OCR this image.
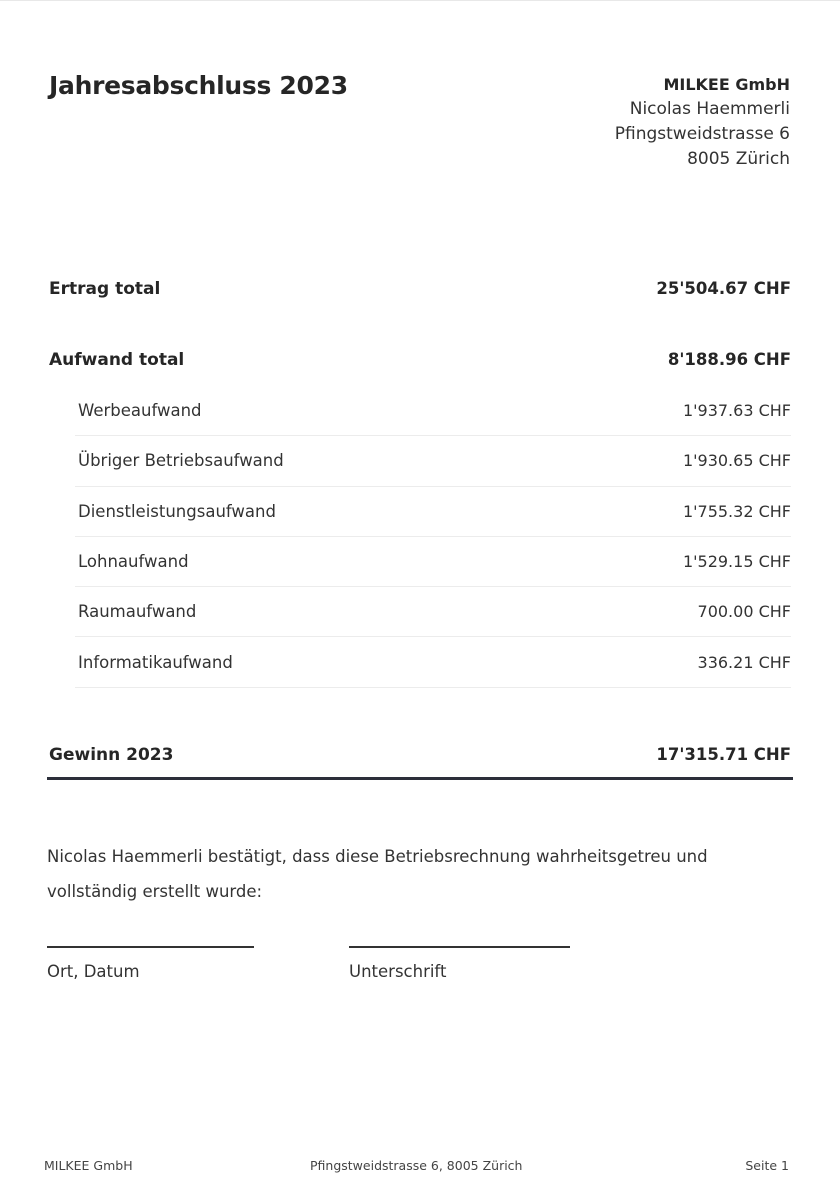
Jahresabschluss 2023	MILKEE GmbH
Nicolas Haemmerli
Pfingstweidstrasse 6
8005 Zürich
Ertrag total	25'504.67 CHF
Aufwand total	8'188.96 CHF
Werbeaufwand	1'937.63 CHF
Übriger Betriebsaufwand	1'930.65 CHF
Dienstleistungsaufwand	1'755.32 CHF
Lohnaufwand	1'529.15 CHF
Raumaufwand	700.00 CHF
Informatikaufwand	336.21 CHF
Gewinn 2023	17'315.71 CHF

Nicolas Haemmerli bestätigt, dass diese Betriebsrechnung wahrheitsgetreu und vollständig erstellt wurde:

Ort, Datum	Unterschrift
MILKEE GmbH	Pfingstweidstrasse 6, 8005 Zürich	Seite 1
